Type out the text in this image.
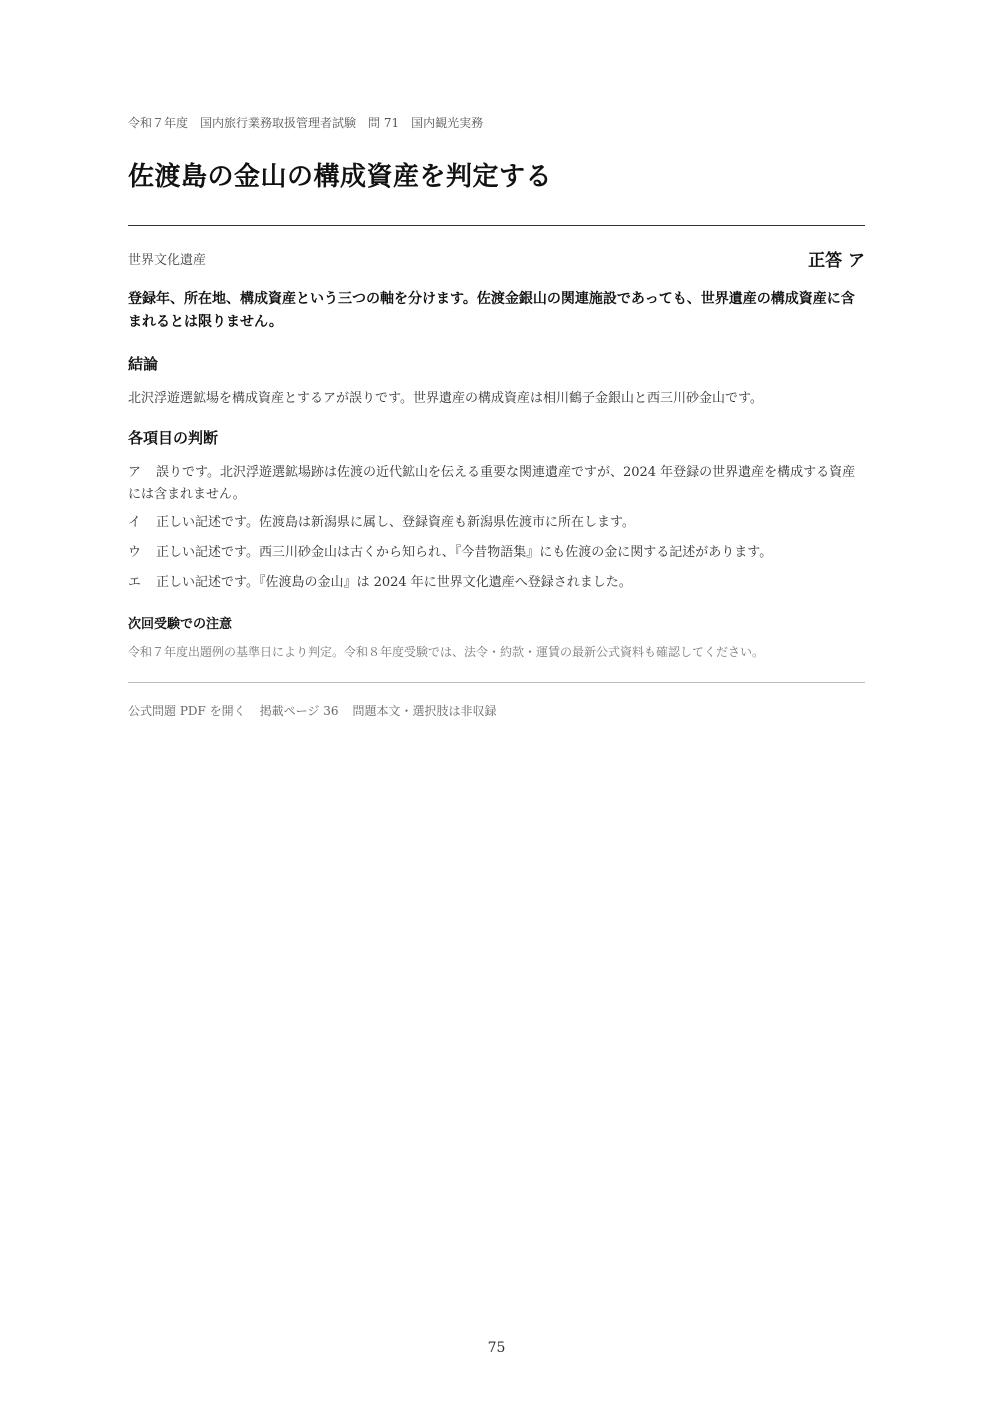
令和７年度　国内旅行業務取扱管理者試験　問 71　国内観光実務
佐渡島の金山の構成資産を判定する
世界文化遺産	正答 ア

登録年、所在地、構成資産という三つの軸を分けます。佐渡金銀山の関連施設であっても、世界遺産の構成資産に含まれるとは限りません。

結論

北沢浮遊選鉱場を構成資産とするアが誤りです。世界遺産の構成資産は相川鶴子金銀山と西三川砂金山です。

各項目の判断
ア 誤りです。北沢浮遊選鉱場跡は佐渡の近代鉱山を伝える重要な関連遺産ですが、2024 年登録の世界遺産を構成する資産には含まれません。
イ 正しい記述です。佐渡島は新潟県に属し、登録資産も新潟県佐渡市に所在します。
ウ 正しい記述です。西三川砂金山は古くから知られ、『今昔物語集』にも佐渡の金に関する記述があります。
エ 正しい記述です。『佐渡島の金山』は 2024 年に世界文化遺産へ登録されました。
次回受験での注意

令和７年度出題例の基準日により判定。令和８年度受験では、法令・約款・運賃の最新公式資料も確認してください。

公式問題 PDF を開く 掲載ページ 36 問題本文・選択肢は非収録
75
